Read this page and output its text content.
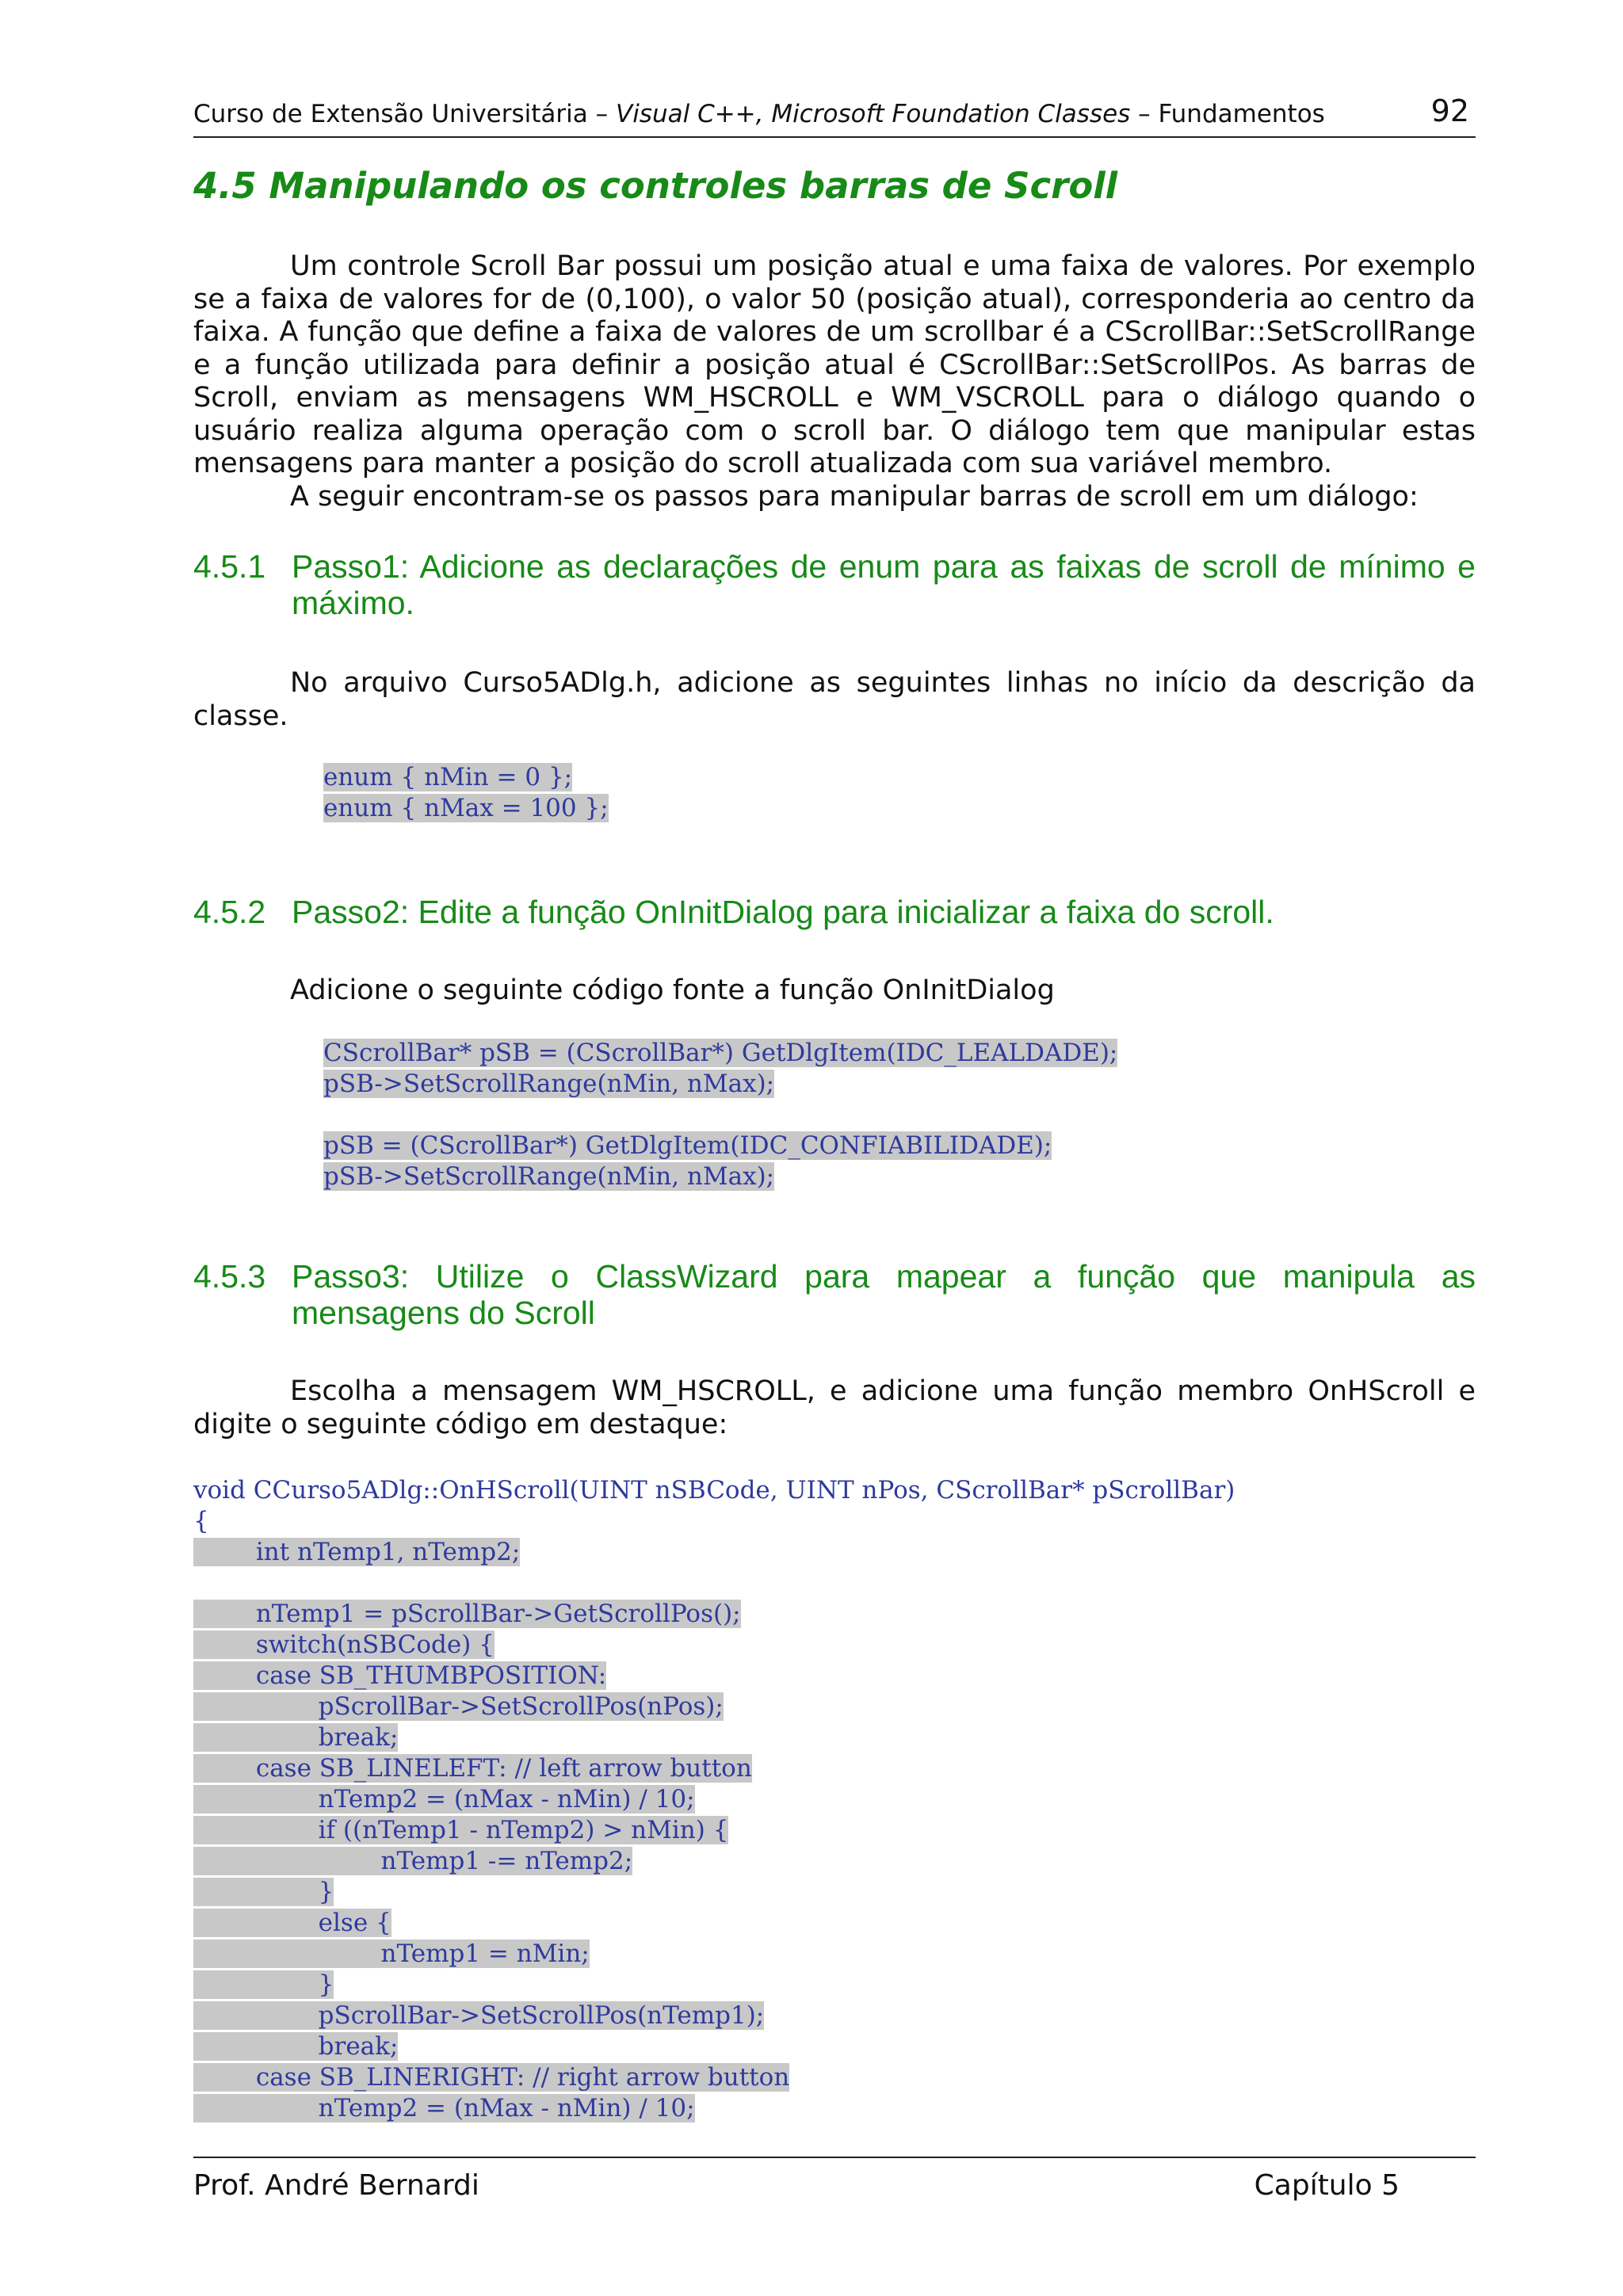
Curso de Extensão Universitária – Visual C++, Microsoft Foundation Classes – Fundamentos	92
4.5 Manipulando os controles barras de Scroll
Um controle Scroll Bar possui um posição atual e uma faixa de valores. Por exemplo
se a faixa de valores for de (0,100), o valor 50 (posição atual), corresponderia ao centro da
faixa. A função que define a faixa de valores de um scrollbar é a CScrollBar::SetScrollRange
e a função utilizada para definir a posição atual é CScrollBar::SetScrollPos. As barras de
Scroll, enviam as mensagens WM_HSCROLL e WM_VSCROLL para o diálogo quando o
usuário realiza alguma operação com o scroll bar. O diálogo tem que manipular estas
mensagens para manter a posição do scroll atualizada com sua variável membro.
A seguir encontram-se os passos para manipular barras de scroll em um diálogo:
4.5.1 Passo1: Adicione as declarações de enum para as faixas de scroll de mínimo e máximo.
No arquivo Curso5ADlg.h, adicione as seguintes linhas no início da descrição da
classe.
enum { nMin = 0 };
enum { nMax = 100 };
4.5.2 Passo2: Edite a função OnInitDialog para inicializar a faixa do scroll.
Adicione o seguinte código fonte a função OnInitDialog
CScrollBar* pSB = (CScrollBar*) GetDlgItem(IDC_LEALDADE);
pSB->SetScrollRange(nMin, nMax);
pSB = (CScrollBar*) GetDlgItem(IDC_CONFIABILIDADE);
pSB->SetScrollRange(nMin, nMax);
4.5.3 Passo3: Utilize o ClassWizard para mapear a função que manipula as mensagens do Scroll
Escolha a mensagem WM_HSCROLL, e adicione uma função membro OnHScroll e
digite o seguinte código em destaque:
void CCurso5ADlg::OnHScroll(UINT nSBCode, UINT nPos, CScrollBar* pScrollBar)
{
int nTemp1, nTemp2;
nTemp1 = pScrollBar->GetScrollPos();
switch(nSBCode) {
case SB_THUMBPOSITION:
pScrollBar->SetScrollPos(nPos);
break;
case SB_LINELEFT: // left arrow button
nTemp2 = (nMax - nMin) / 10;
if ((nTemp1 - nTemp2) > nMin) {
nTemp1 -= nTemp2;
}
else {
nTemp1 = nMin;
}
pScrollBar->SetScrollPos(nTemp1);
break;
case SB_LINERIGHT: // right arrow button
nTemp2 = (nMax - nMin) / 10;
Prof. André Bernardi	Capítulo 5
